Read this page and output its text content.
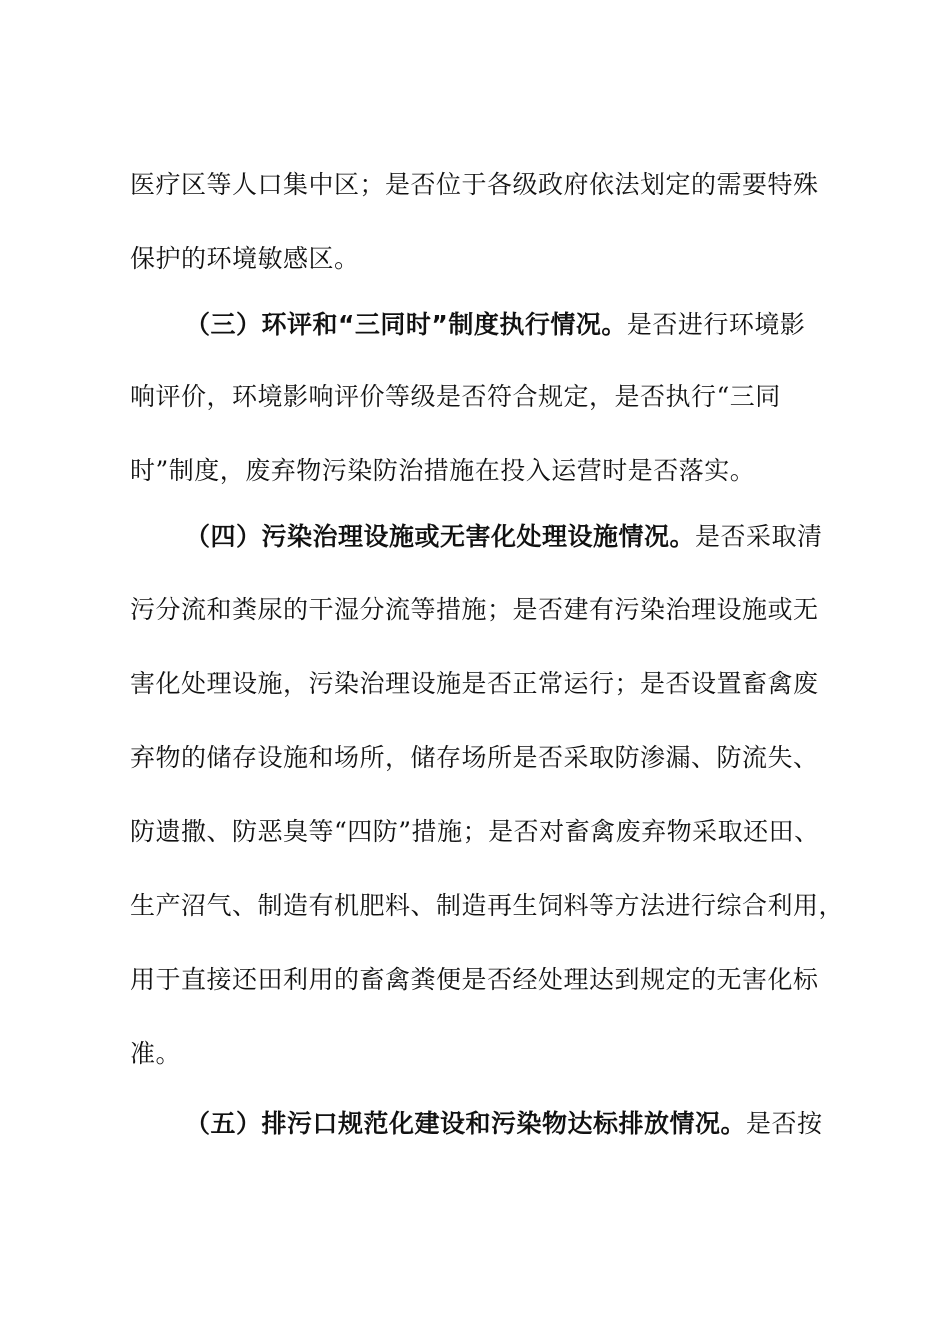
医疗区等人口集中区；是否位于各级政府依法划定的需要特殊
保护的环境敏感区。
（三）环评和“三同时”制度执行情况。是否进行环境影
响评价，环境影响评价等级是否符合规定，是否执行“三同
时”制度，废弃物污染防治措施在投入运营时是否落实。
（四）污染治理设施或无害化处理设施情况。是否采取清
污分流和粪尿的干湿分流等措施；是否建有污染治理设施或无
害化处理设施，污染治理设施是否正常运行；是否设置畜禽废
弃物的储存设施和场所，储存场所是否采取防渗漏、防流失、
防遗撒、防恶臭等“四防”措施；是否对畜禽废弃物采取还田、
生产沼气、制造有机肥料、制造再生饲料等方法进行综合利用，
用于直接还田利用的畜禽粪便是否经处理达到规定的无害化标
准。
（五）排污口规范化建设和污染物达标排放情况。是否按
